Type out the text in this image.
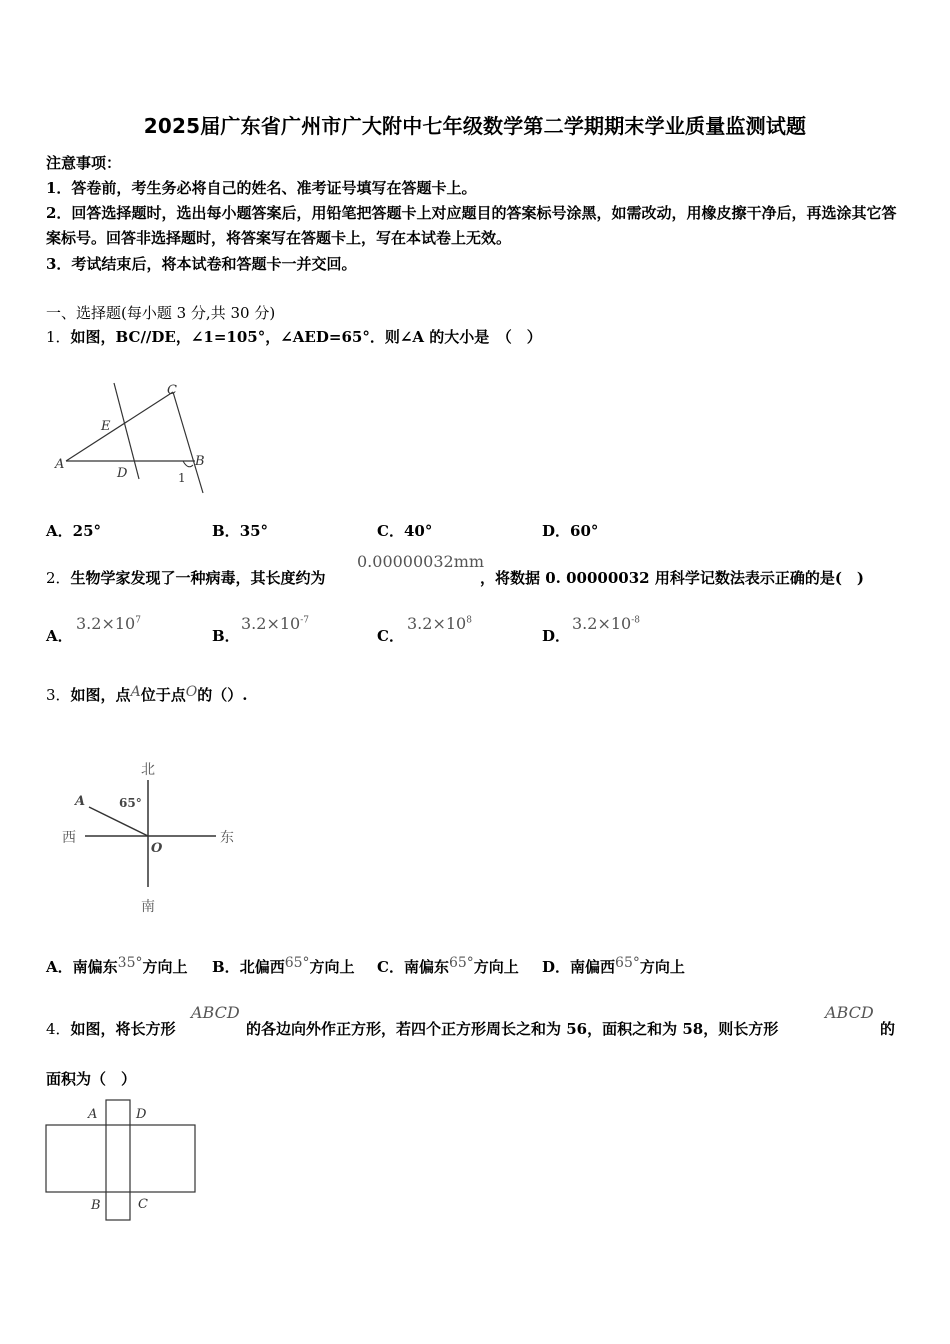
2025届广东省广州市广大附中七年级数学第二学期期末学业质量监测试题
注意事项：
1．答卷前，考生务必将自己的姓名、准考证号填写在答题卡上。
2．回答选择题时，选出每小题答案后，用铅笔把答题卡上对应题目的答案标号涂黑，如需改动，用橡皮擦干净后，再选涂其它答案标号。回答非选择题时，将答案写在答题卡上，写在本试卷上无效。
3．考试结束后，将本试卷和答题卡一并交回。
一、选择题(每小题 3 分,共 30 分)
1．如图，BC//DE，∠1=105°，∠AED=65°．则∠A 的大小是　（　）
A	B
C
D
E
1
A．25°	B．35°	C．40°	D．60°
2．生物学家发现了一种病毒，其长度约为
0.00000032mm
，将数据 0. 00000032 用科学记数法表示正确的是(　)
A．
$3.2\times 10^7$
B．
$3.2\times 10^{-7}$
C．
$3.2\times 10^8$
D．
$3.2\times 10^{-8}$
3．如图，点A位于点O的（）.
北
南
东
西
A
O
65°
A．南偏东35°方向上 B．北偏西65°方向上 C．南偏东65°方向上 D．南偏西65°方向上
4．如图，将长方形
ABCD
的各边向外作正方形，若四个正方形周长之和为 56，面积之和为 58，则长方形
ABCD
的
面积为（　）
A	D
B	C
